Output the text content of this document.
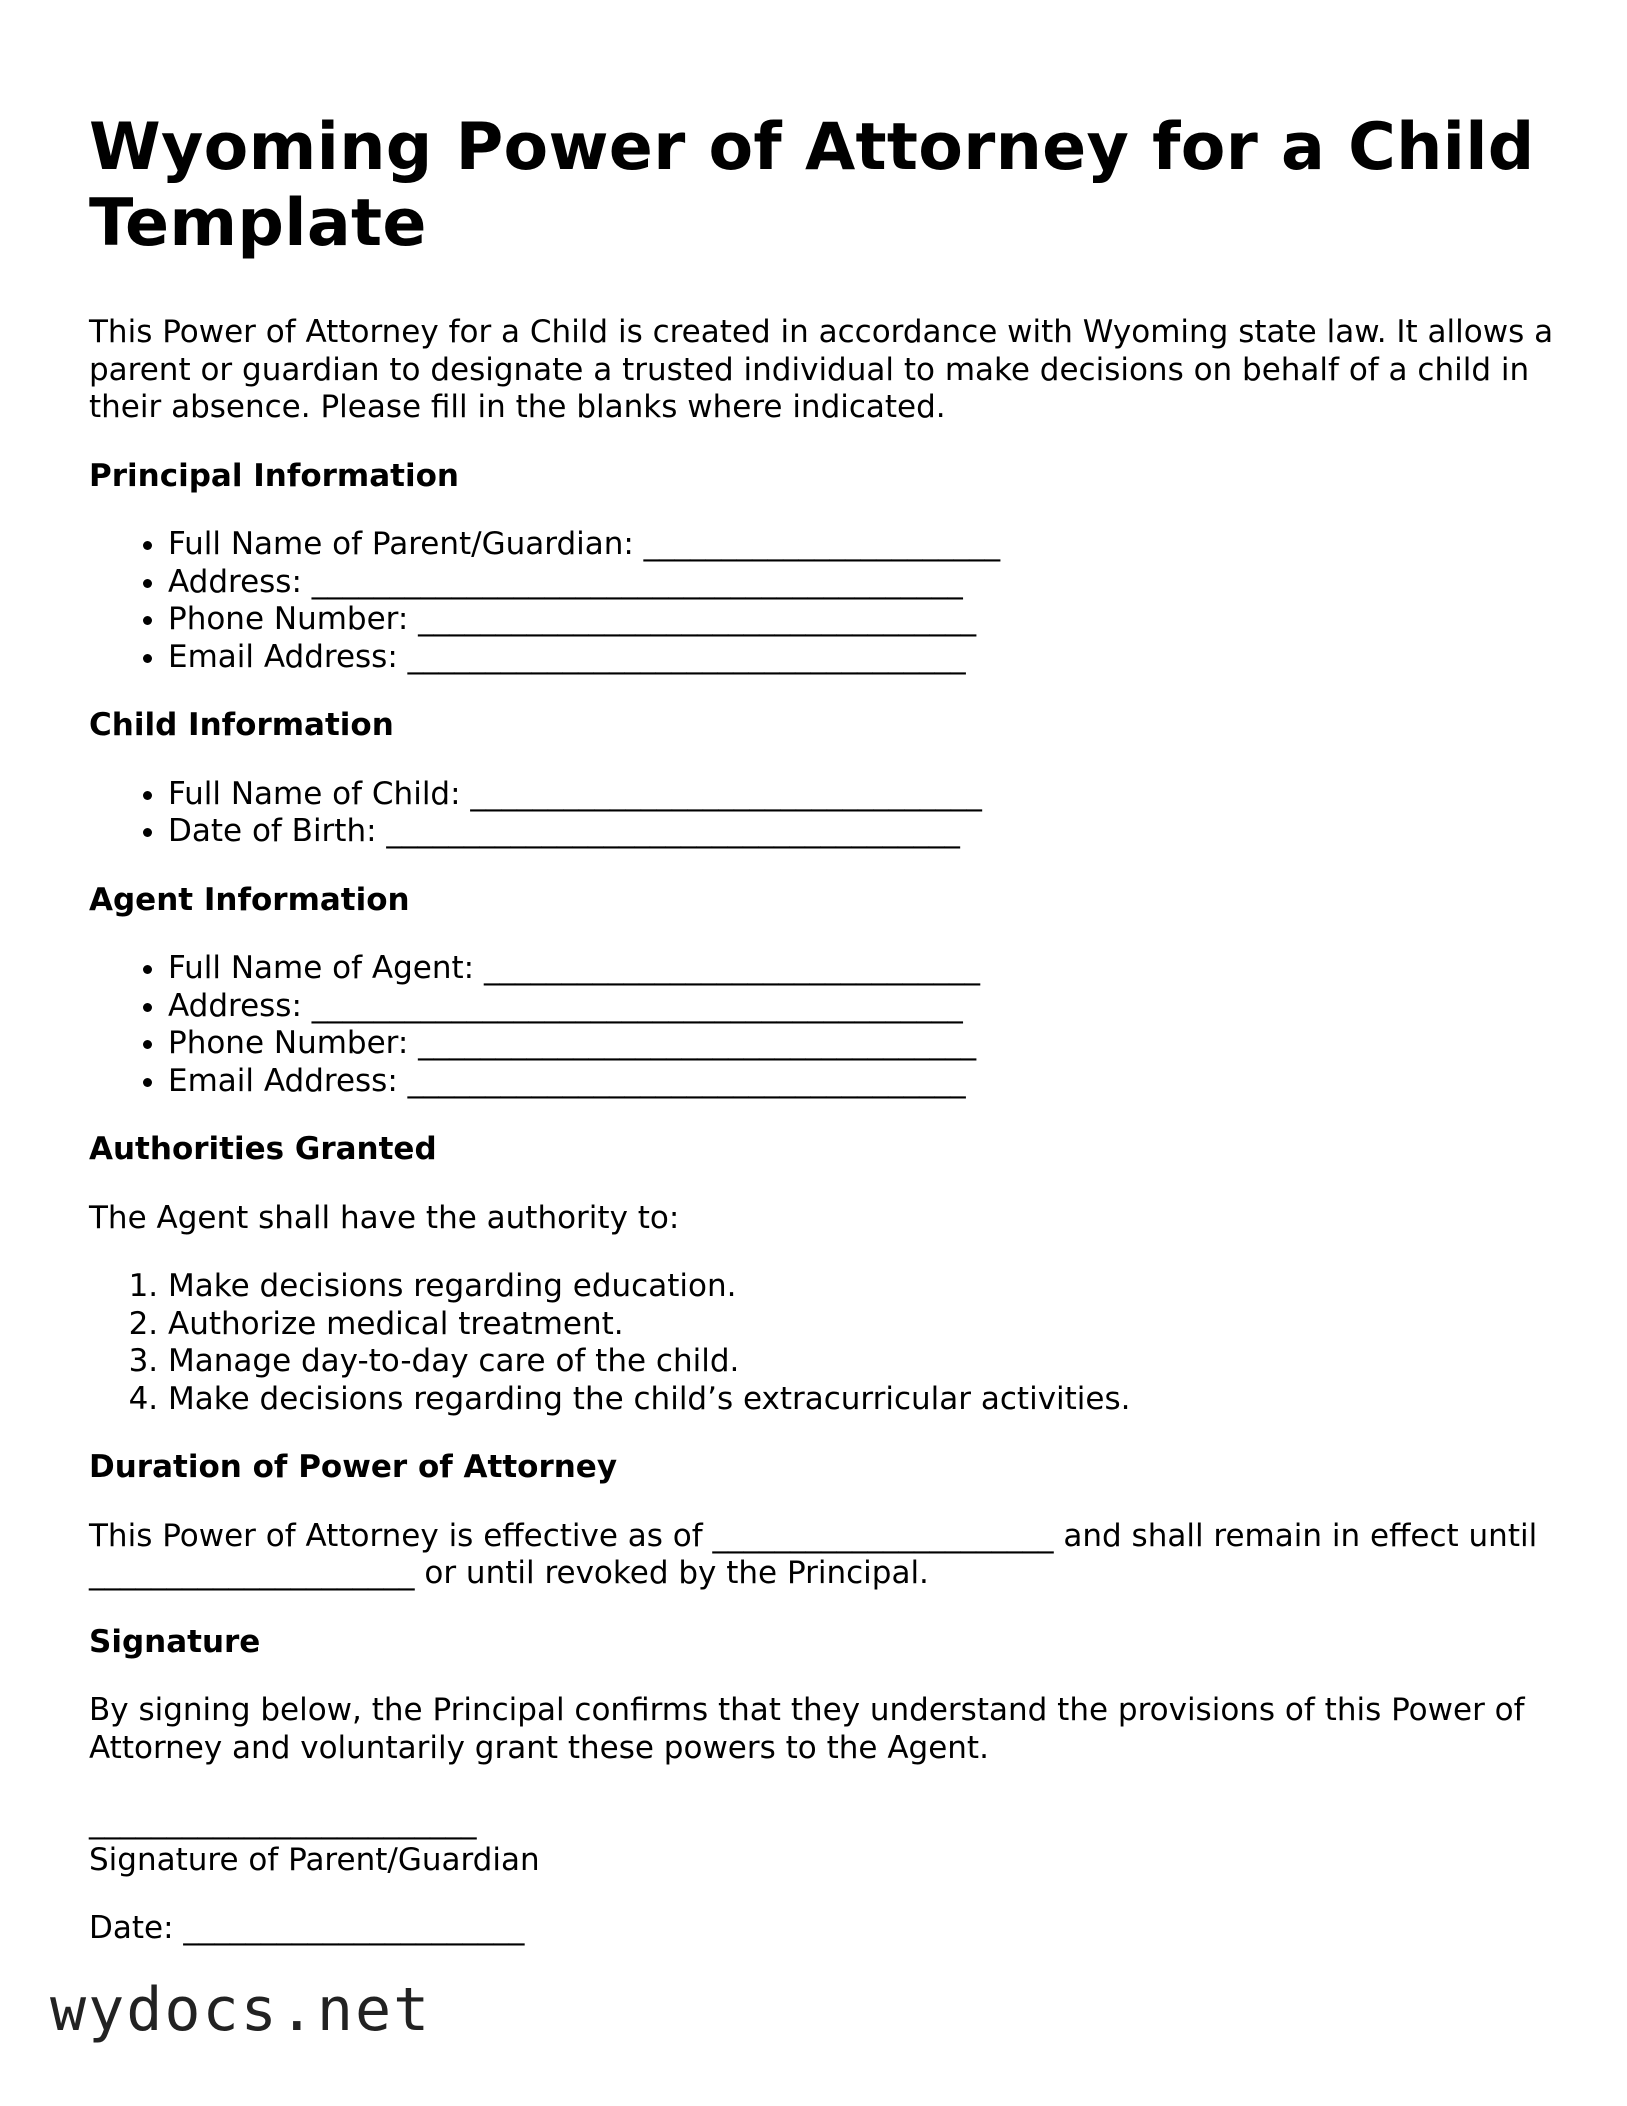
Wyoming Power of Attorney for a Child Template

This Power of Attorney for a Child is created in accordance with Wyoming state law. It allows a parent or guardian to designate a trusted individual to make decisions on behalf of a child in their absence. Please fill in the blanks where indicated.

Principal Information
• Full Name of Parent/Guardian: _______________________
• Address: __________________________________________
• Phone Number: ____________________________________
• Email Address: ____________________________________
Child Information
• Full Name of Child: _________________________________
• Date of Birth: _____________________________________
Agent Information
• Full Name of Agent: ________________________________
• Address: __________________________________________
• Phone Number: ____________________________________
• Email Address: ____________________________________
Authorities Granted

The Agent shall have the authority to:

1. Make decisions regarding education.
2. Authorize medical treatment.
3. Manage day-to-day care of the child.
4. Make decisions regarding the child’s extracurricular activities.
Duration of Power of Attorney

This Power of Attorney is effective as of ______________________ and shall remain in effect until _____________________ or until revoked by the Principal.

Signature

By signing below, the Principal confirms that they understand the provisions of this Power of Attorney and voluntarily grant these powers to the Agent.

_________________________
Signature of Parent/Guardian
Date: ______________________
wydocs.net
